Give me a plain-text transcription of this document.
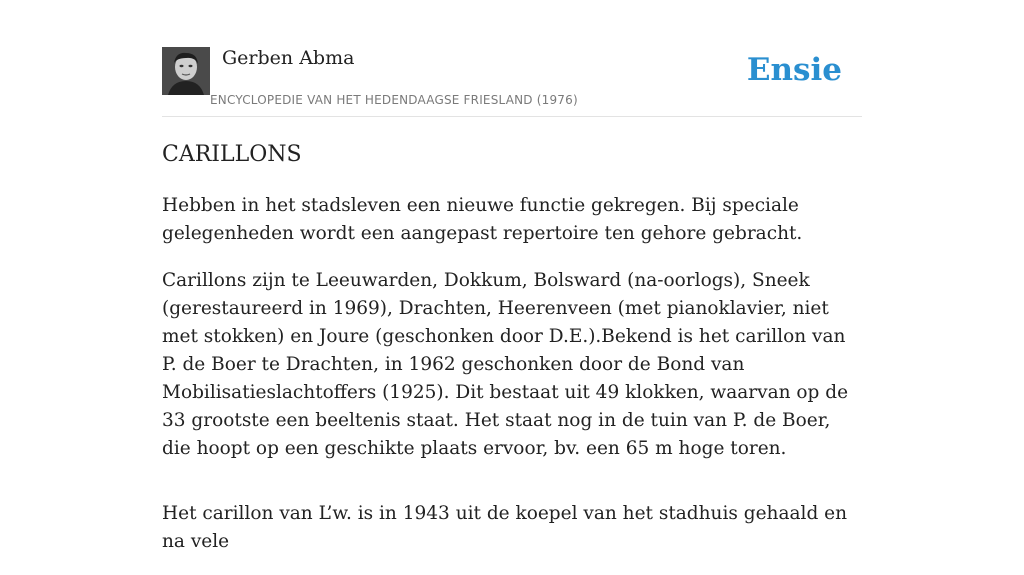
Gerben Abma
ENCYCLOPEDIE VAN HET HEDENDAAGSE FRIESLAND (1976)
Ensie
CARILLONS

Hebben in het stadsleven een nieuwe functie gekregen. Bij speciale gelegenheden wordt een aangepast repertoire ten gehore gebracht.

Carillons zijn te Leeuwarden, Dokkum, Bolsward (na-oorlogs), Sneek (gerestaureerd in 1969), Drachten, Heerenveen (met pianoklavier, niet met stokken) en Joure (geschonken door D.E.).Bekend is het carillon van P. de Boer te Drachten, in 1962 geschonken door de Bond van Mobilisatieslachtoffers (1925). Dit bestaat uit 49 klokken, waarvan op de 33 grootste een beeltenis staat. Het staat nog in de tuin van P. de Boer, die hoopt op een geschikte plaats ervoor, bv. een 65 m hoge toren.

Het carillon van L’w. is in 1943 uit de koepel van het stadhuis gehaald en na vele
